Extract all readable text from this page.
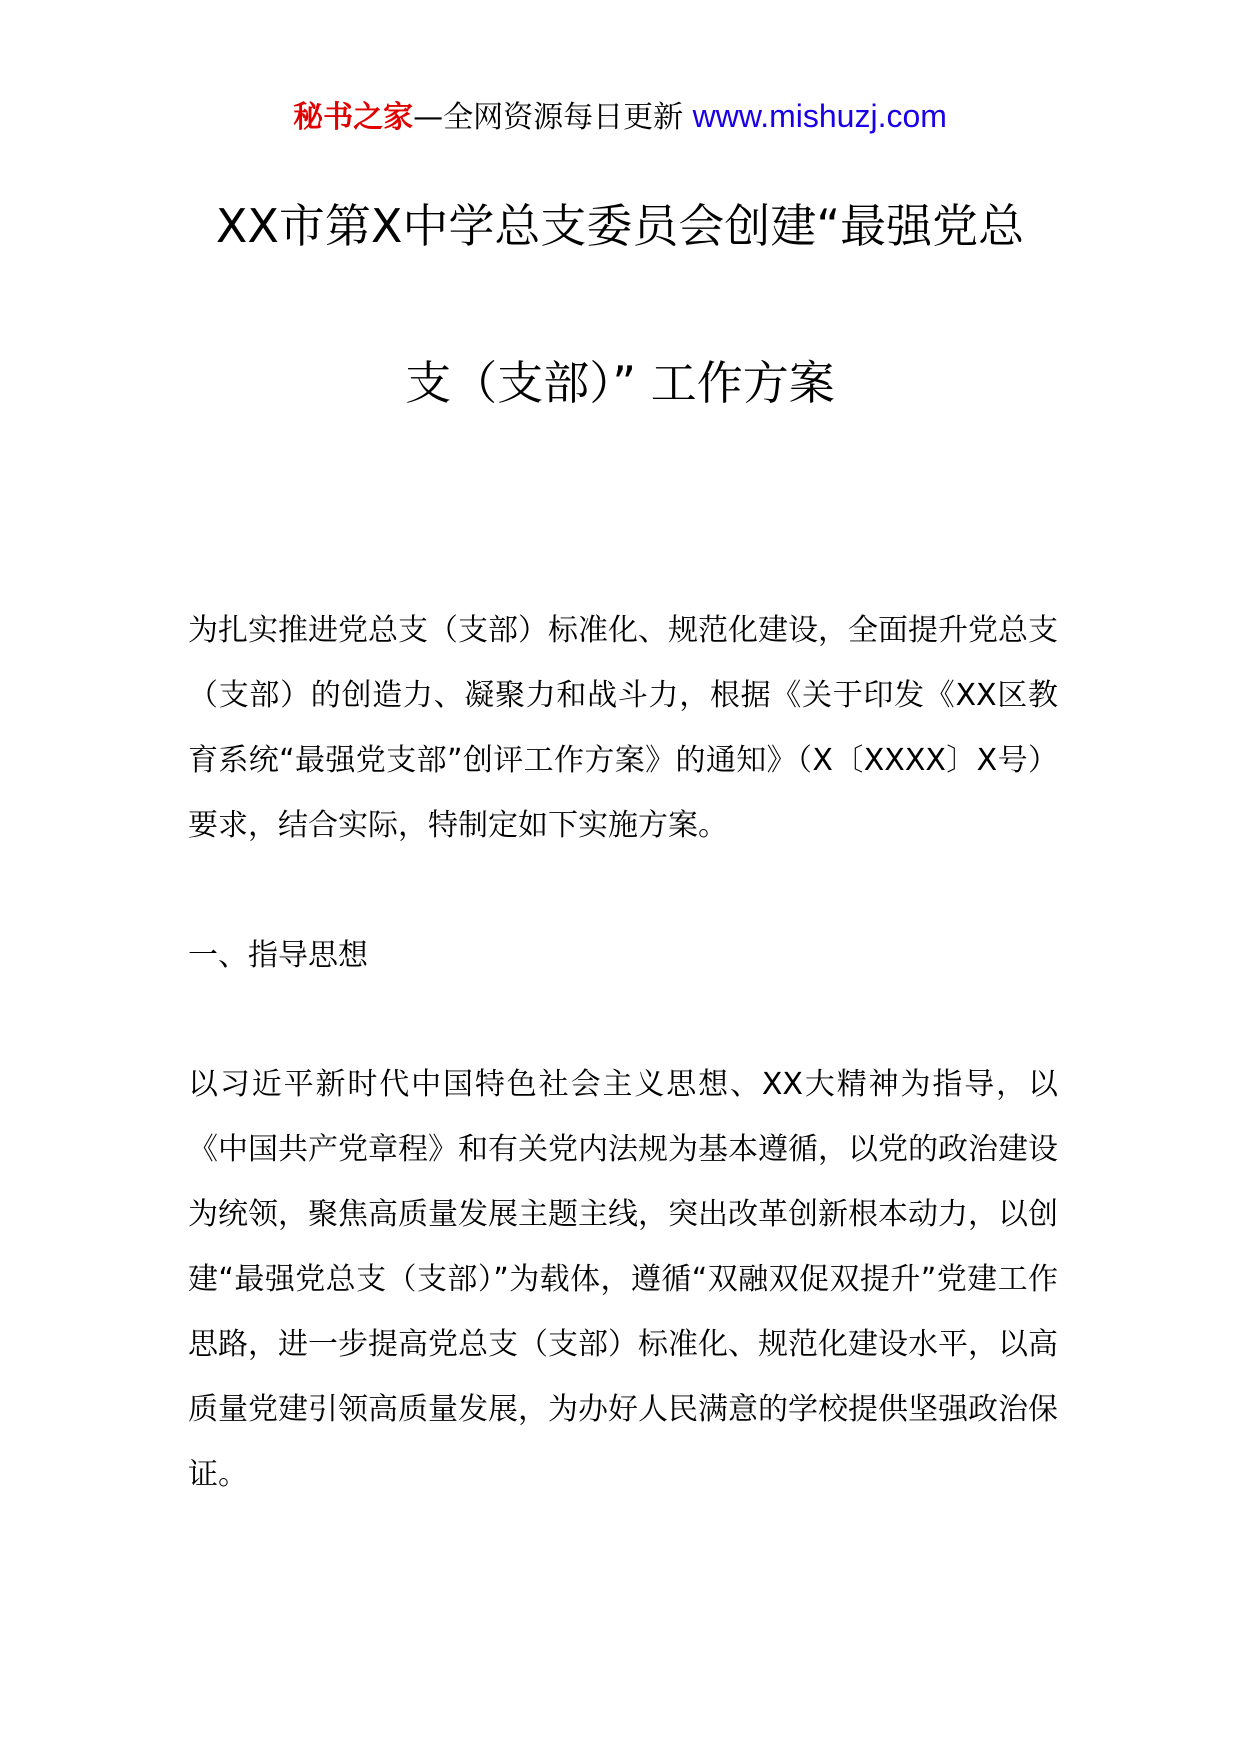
秘书之家—全网资源每日更新 www.mishuzj.com
XX市第X中学总支委员会创建“最强党总
支（支部）” 工作方案

为扎实推进党总支（支部）标准化、规范化建设，全面提升党总支（支部）的创造力、凝聚力和战斗力，根据《关于印发《XX区教育系统“最强党支部”创评工作方案》的通知》（X〔XXXX〕X号）要求，结合实际，特制定如下实施方案。

一、指导思想

以习近平新时代中国特色社会主义思想、XX大精神为指导，以《中国共产党章程》和有关党内法规为基本遵循，以党的政治建设为统领，聚焦高质量发展主题主线，突出改革创新根本动力，以创建“最强党总支（支部）”为载体，遵循“双融双促双提升”党建工作思路，进一步提高党总支（支部）标准化、规范化建设水平，以高质量党建引领高质量发展，为办好人民满意的学校提供坚强政治保证。
